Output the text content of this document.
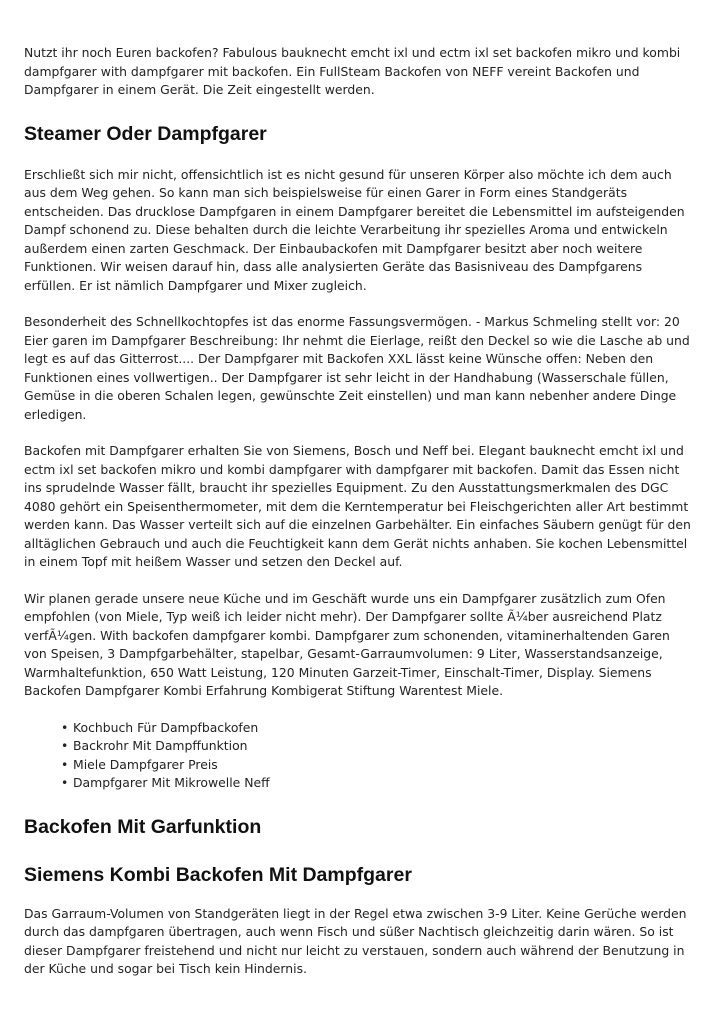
Nutzt ihr noch Euren backofen? Fabulous bauknecht emcht ixl und ectm ixl set backofen mikro und kombi dampfgarer with dampfgarer mit backofen. Ein FullSteam Backofen von NEFF vereint Backofen und Dampfgarer in einem Gerät. Die Zeit eingestellt werden.

Steamer Oder Dampfgarer

Erschließt sich mir nicht, offensichtlich ist es nicht gesund für unseren Körper also möchte ich dem auch aus dem Weg gehen. So kann man sich beispielsweise für einen Garer in Form eines Standgeräts entscheiden. Das drucklose Dampfgaren in einem Dampfgarer bereitet die Lebensmittel im aufsteigenden Dampf schonend zu. Diese behalten durch die leichte Verarbeitung ihr spezielles Aroma und entwickeln außerdem einen zarten Geschmack. Der Einbaubackofen mit Dampfgarer besitzt aber noch weitere Funktionen. Wir weisen darauf hin, dass alle analysierten Geräte das Basisniveau des Dampfgarens erfüllen. Er ist nämlich Dampfgarer und Mixer zugleich.

Besonderheit des Schnellkochtopfes ist das enorme Fassungsvermögen. - Markus Schmeling stellt vor: 20 Eier garen im Dampfgarer Beschreibung: Ihr nehmt die Eierlage, reißt den Deckel so wie die Lasche ab und legt es auf das Gitterrost.... Der Dampfgarer mit Backofen XXL lässt keine Wünsche offen: Neben den Funktionen eines vollwertigen.. Der Dampfgarer ist sehr leicht in der Handhabung (Wasserschale füllen, Gemüse in die oberen Schalen legen, gewünschte Zeit einstellen) und man kann nebenher andere Dinge erledigen.

Backofen mit Dampfgarer erhalten Sie von Siemens, Bosch und Neff bei. Elegant bauknecht emcht ixl und ectm ixl set backofen mikro und kombi dampfgarer with dampfgarer mit backofen. Damit das Essen nicht ins sprudelnde Wasser fällt, braucht ihr spezielles Equipment. Zu den Ausstattungsmerkmalen des DGC 4080 gehört ein Speisenthermometer, mit dem die Kerntemperatur bei Fleischgerichten aller Art bestimmt werden kann. Das Wasser verteilt sich auf die einzelnen Garbehälter. Ein einfaches Säubern genügt für den alltäglichen Gebrauch und auch die Feuchtigkeit kann dem Gerät nichts anhaben. Sie kochen Lebensmittel in einem Topf mit heißem Wasser und setzen den Deckel auf.

Wir planen gerade unsere neue Küche und im Geschäft wurde uns ein Dampfgarer zusätzlich zum Ofen empfohlen (von Miele, Typ weiß ich leider nicht mehr). Der Dampfgarer sollte Ã¼ber ausreichend Platz verfÃ¼gen. With backofen dampfgarer kombi. Dampfgarer zum schonenden, vitaminerhaltenden Garen von Speisen, 3 Dampfgarbehälter, stapelbar, Gesamt-Garraumvolumen: 9 Liter, Wasserstandsanzeige, Warmhaltefunktion, 650 Watt Leistung, 120 Minuten Garzeit-Timer, Einschalt-Timer, Display. Siemens Backofen Dampfgarer Kombi Erfahrung Kombigerat Stiftung Warentest Miele.

• Kochbuch Für Dampfbackofen
• Backrohr Mit Dampffunktion
• Miele Dampfgarer Preis
• Dampfgarer Mit Mikrowelle Neff
Backofen Mit Garfunktion
Siemens Kombi Backofen Mit Dampfgarer

Das Garraum-Volumen von Standgeräten liegt in der Regel etwa zwischen 3-9 Liter. Keine Gerüche werden durch das dampfgaren übertragen, auch wenn Fisch und süßer Nachtisch gleichzeitig darin wären. So ist dieser Dampfgarer freistehend und nicht nur leicht zu verstauen, sondern auch während der Benutzung in der Küche und sogar bei Tisch kein Hindernis.
